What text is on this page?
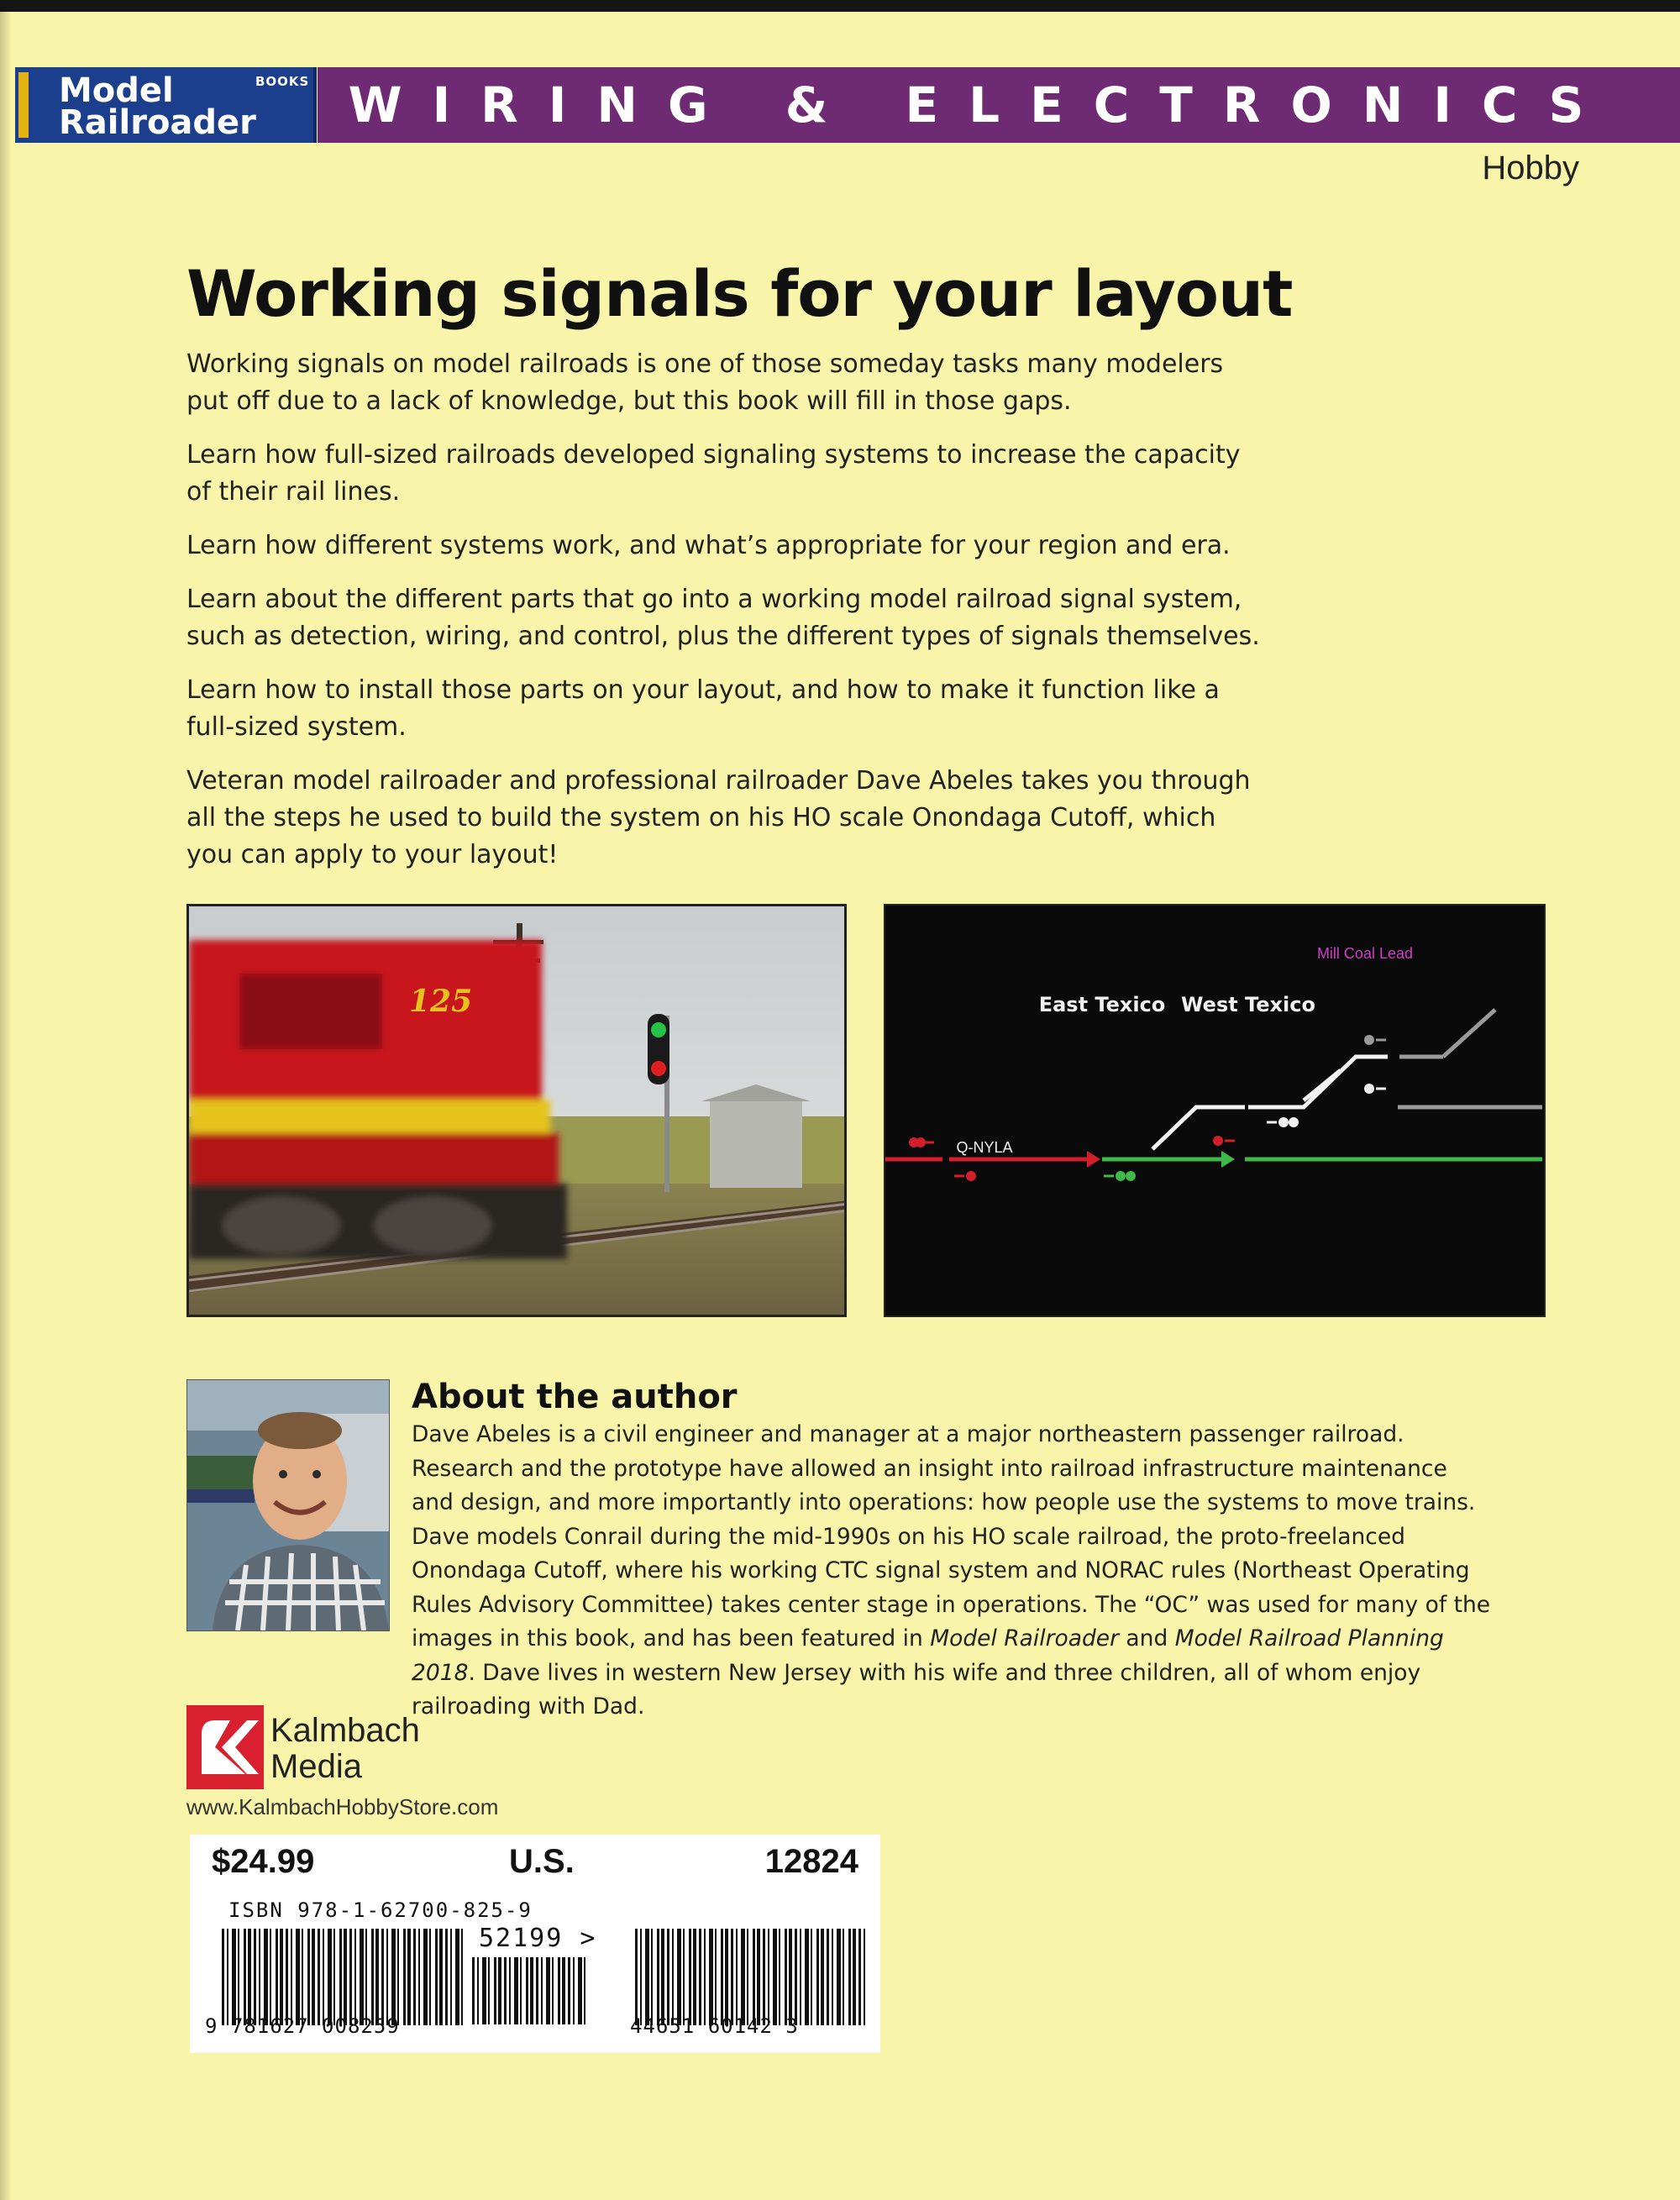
Model
Railroader
BOOKS WIRING & ELECTRONICS
Hobby
Working signals for your layout

Working signals on model railroads is one of those someday tasks many modelers put off due to a lack of knowledge, but this book will fill in those gaps.

Learn how full-sized railroads developed signaling systems to increase the capacity of their rail lines.

Learn how different systems work, and what’s appropriate for your region and era.

Learn about the different parts that go into a working model railroad signal system, such as detection, wiring, and control, plus the different types of signals themselves.

Learn how to install those parts on your layout, and how to make it function like a full-sized system.

Veteran model railroader and professional railroader Dave Abeles takes you through all the steps he used to build the system on his HO scale Onondaga Cutoff, which you can apply to your layout!

125
Mill Coal Lead
East Texico West Texico
Q-NYLA
About the author

Dave Abeles is a civil engineer and manager at a major northeastern passenger railroad. Research and the prototype have allowed an insight into railroad infrastructure maintenance and design, and more importantly into operations: how people use the systems to move trains. Dave models Conrail during the mid-1990s on his HO scale railroad, the proto-freelanced Onondaga Cutoff, where his working CTC signal system and NORAC rules (Northeast Operating Rules Advisory Committee) takes center stage in operations. The “OC” was used for many of the images in this book, and has been featured in Model Railroader and Model Railroad Planning 2018. Dave lives in western New Jersey with his wife and three children, all of whom enjoy railroading with Dad.

Kalmbach
Media
www.KalmbachHobbyStore.com
$24.99	U.S.	12824
ISBN 978-1-62700-825-9
52199 >
9 781627 008259	44651 60142 3
